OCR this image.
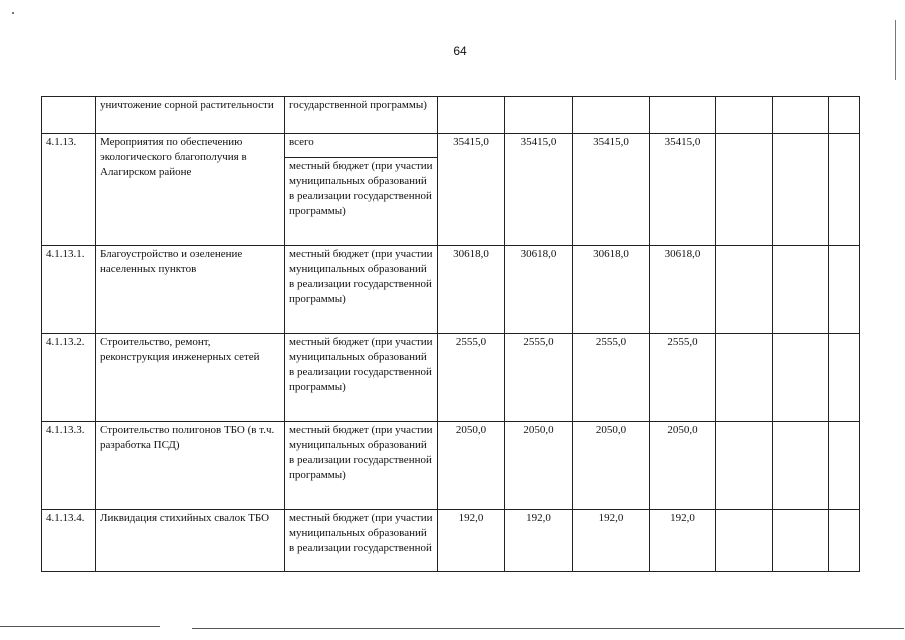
64
	уничтожение сорной растительности	государственной программы)							
4.1.13.	Мероприятия по обеспечению экологического благополучия в Алагирском районе	всего	35415,0	35415,0	35415,0	35415,0			
		местный бюджет (при участии муниципальных образований в реализации государственной программы)							
4.1.13.1.	Благоустройство и озеленение населенных пунктов	местный бюджет (при участии муниципальных образований в реализации государственной программы)	30618,0	30618,0	30618,0	30618,0			
4.1.13.2.	Строительство, ремонт, реконструкция инженерных сетей	местный бюджет (при участии муниципальных образований в реализации государственной программы)	2555,0	2555,0	2555,0	2555,0			
4.1.13.3.	Строительство полигонов ТБО (в т.ч. разработка ПСД)	местный бюджет (при участии муниципальных образований в реализации государственной программы)	2050,0	2050,0	2050,0	2050,0			
4.1.13.4.	Ликвидация стихийных свалок ТБО	местный бюджет (при участии муниципальных образований в реализации государственной	192,0	192,0	192,0	192,0			
